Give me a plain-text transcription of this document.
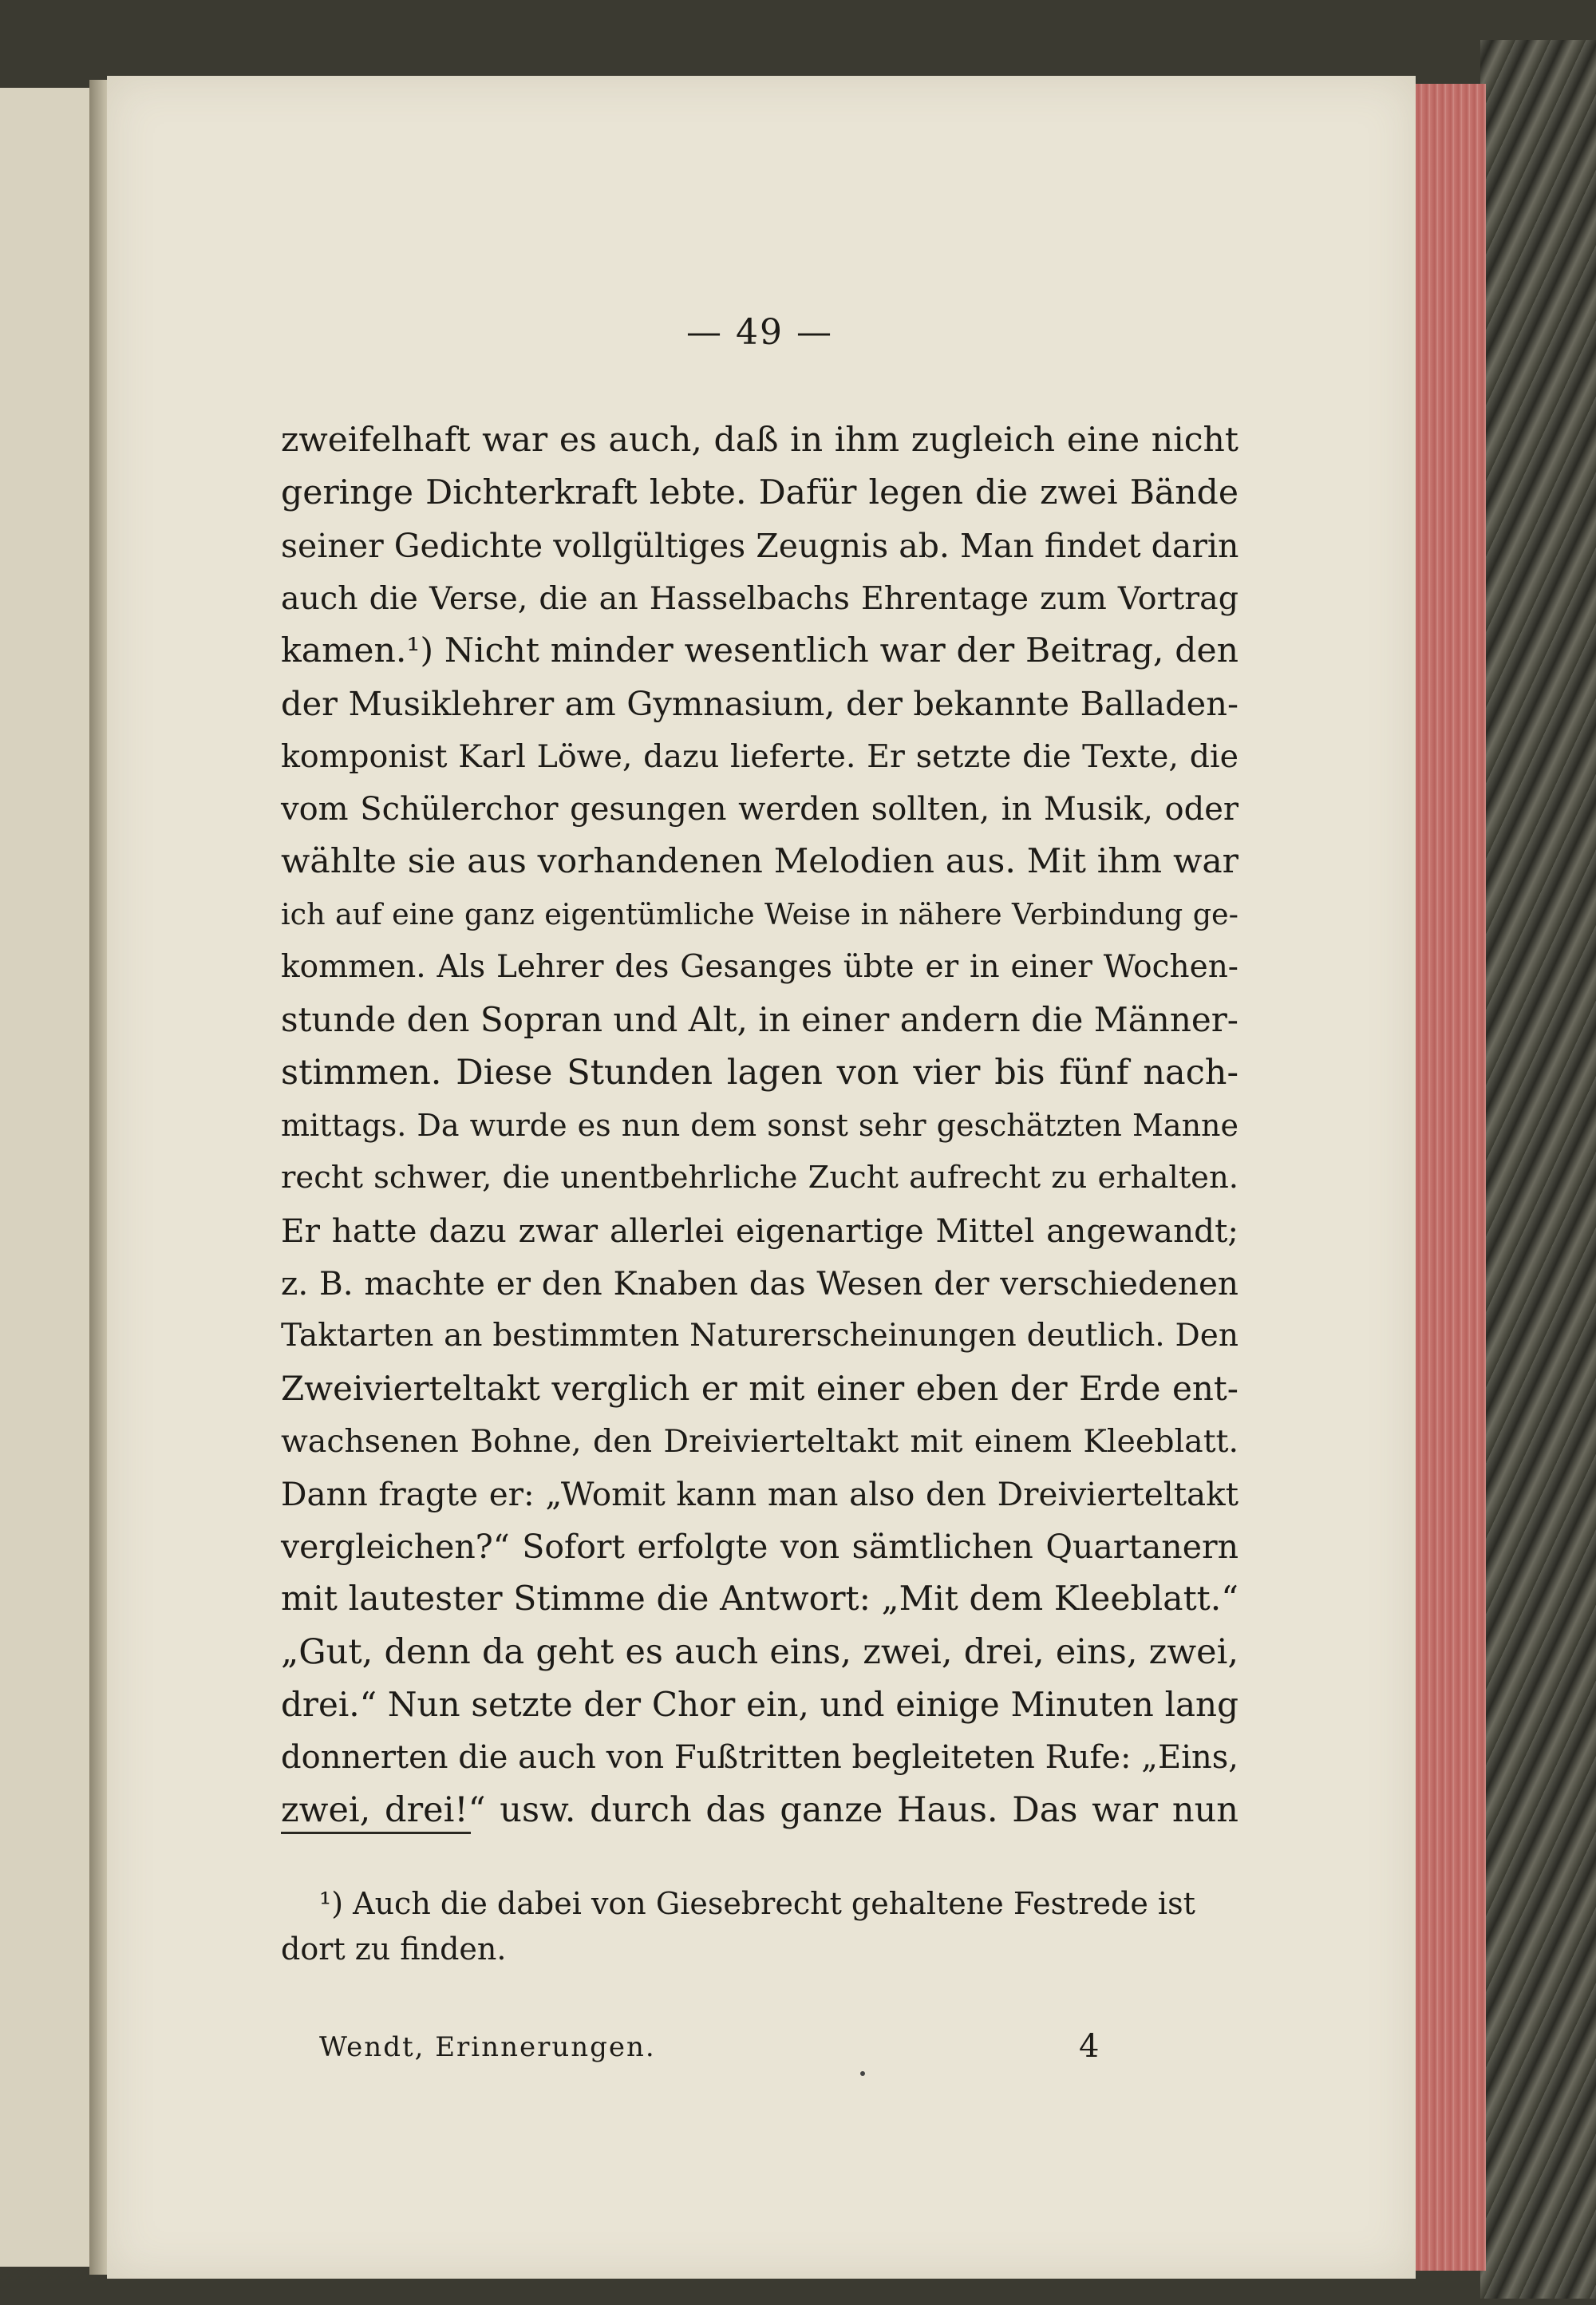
— 49 —
zweifelhaft war es auch, daß in ihm zugleich eine nicht
geringe Dichterkraft lebte. Dafür legen die zwei Bände
seiner Gedichte vollgültiges Zeugnis ab. Man findet darin
auch die Verse, die an Hasselbachs Ehrentage zum Vortrag
kamen.¹) Nicht minder wesentlich war der Beitrag, den
der Musiklehrer am Gymnasium, der bekannte Balladen-
komponist Karl Löwe, dazu lieferte. Er setzte die Texte, die
vom Schülerchor gesungen werden sollten, in Musik, oder
wählte sie aus vorhandenen Melodien aus. Mit ihm war
ich auf eine ganz eigentümliche Weise in nähere Verbindung ge-
kommen. Als Lehrer des Gesanges übte er in einer Wochen-
stunde den Sopran und Alt, in einer andern die Männer-
stimmen. Diese Stunden lagen von vier bis fünf nach-
mittags. Da wurde es nun dem sonst sehr geschätzten Manne
recht schwer, die unentbehrliche Zucht aufrecht zu erhalten.
Er hatte dazu zwar allerlei eigenartige Mittel angewandt;
z. B. machte er den Knaben das Wesen der verschiedenen
Taktarten an bestimmten Naturerscheinungen deutlich. Den
Zweivierteltakt verglich er mit einer eben der Erde ent-
wachsenen Bohne, den Dreivierteltakt mit einem Kleeblatt.
Dann fragte er: „Womit kann man also den Dreivierteltakt
vergleichen?“ Sofort erfolgte von sämtlichen Quartanern
mit lautester Stimme die Antwort: „Mit dem Kleeblatt.“
„Gut, denn da geht es auch eins, zwei, drei, eins, zwei,
drei.“ Nun setzte der Chor ein, und einige Minuten lang
donnerten die auch von Fußtritten begleiteten Rufe: „Eins,
zwei, drei!“ usw. durch das ganze Haus. Das war nun
¹) Auch die dabei von Giesebrecht gehaltene Festrede ist
dort zu finden.
Wendt, Erinnerungen.	4
